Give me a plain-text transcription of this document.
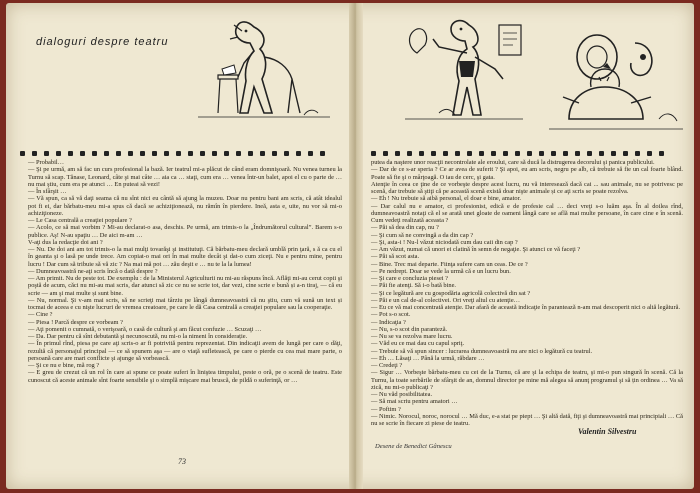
dialoguri despre teatru

— Probabil…

— Şi pe urmă, am să fac un curs profesional la bază. Ier teatrul mi-a plăcut de când eram domnişoară. Nu venea turneu la Turnu să scap. Tănase, Leonard, câte şi mai câte … aia ca … staţi, cum era … venea într-un balet, apoi el cu o parte de … nu mai ştiu, cum era pe atunci … En puteai să vezi!

— În sfârşit …

— Vă spun, ca să vă daţi seama că nu sînt nici eu cântă să ajung la muzeu. Doar nu pentru bani am scris, că atât idealul pot fi ei, dar bărbatu-meu mi-a spus că dacă se achiziţionează, nu rămîn în pierdere. Ineă, asta e, uite, nu vor să mi-o achiziţioneze.

— Le Casa centrală a creaţiei populare ?

— Acolo, ce să mai vorbim ? Mi-au declarat-o asa, deschis. Pe urmă, am trimis-o la „Îndrumătorul cultural”. Barem s-o publice. Aş! N-au spaţiu … De aici m-am …

V-aţi dus la redacţie doi ani ?

— Nu. De doi ani am tot trimis-o la mai mulţi tovarăşi şi institutuţi. Că bărbatu-meu declară umblă prin ţară, s ă ca cu el în geanta şi o lasă pe unde trece. Am copiat-o mai ori în mai multe decât şi dat-o cum ziceţi. Nu e pentru mine, pentru lucru ! Dar cum să tribuie să vă zic ? Na mai mă pot … zău deşit e … nu te la la lumea!

— Dumneavoastră ne-aţi scris încă o dată despre ?

— Am primit. Nu de peste tot. De exemplu : de la Ministerul Agriculturii nu mi-au răspuns încă. Aflăţi mi-au cerut copii şi poştă de acum, căci nu mi-au mai scris, dar atunci să zic ce nu se scrie tot, dar vezi, cine scrie e bună și a-n tiraj, — că eu scrie — am şi mai multe și sunt bine.

— Nu, normal. Şi v-am mai scris, să ne scrieţi mai târziu pe lângă dumneavoastră că nu ştiu, cum vă sună un text și tocmai de aceea e cu nişte lucruri de vremea creatoare, pe care le dă Casa centrală a creaţiei populare sau la cooperaţie.

— Cine ?

— Piesa ! Parcă despre ce vorbeam ?

— Aţi pomenit o cumnată, o verişoară, o casă de cultură şi am făcut confuzie … Scuzaţi …

— Da. Dar pentru că sînt debutantă şi necunoscută, nu mi-o la nimeni în considerație.

— În primul rînd, piesa pe care aţi scris-o ar fi potrivită pentru reprezentat. Din indicaţii avem de lungă per care o dăţi, rezultă că personajul principal — ce să spunem aşa — are o viaţă sufletească, pe care o pierde cu cea mai mare parte, o persoană care are mari conflicte şi ajunge să vorbească.

— Şi ce nu e bine, mă rog ?

— E greu de crezut că un rol în care ai spune ce poate suferi în liniştea timpului, peste o oră, pe o scenă de teatru. Este cunoscut că aceste animale sînt foarte sensibile şi o simplă mişcare mai bruscă, de pildă o suferinţă, or …

73

putea da naştere unor reacţii necontrolate ale eroului, care să ducă la distrugerea decorului şi panica publicului.

— Dar de ce s-ar speria ? Ce ar avea de suferit ? Şi apoi, eu am scris, negru pe alb, că trebuie să fie un cal foarte blând. Poate să fie şi o mârţoagă. O iau de cerc, şi gata.

Atenţie în ceea ce ţine de ce vorbeşte despre acest lucru, nu vă interesează dacă cai ... sau animale, nu se potrivesc pe scenă, dar trebuie să ştiţi că pe această scenă există doar nişte animale și ce aţi scris se poate rezolva.

— Eh ! Nu trebuie să aibă personal, el doar e bine, amator.

— Dar calul nu e amator, ci profesionist, edică e de profesie cal … deci vreţi s-o luăm aşa. În al doilea rînd, dumneavoastră notaţi că el se arată unei gloate de oameni lângă care se află mai multe persoane, în care cine e în scenă. Cum vedeţi realizată aceasta ?

— Păi să dea din cap, nu ?

— Şi cum să ne convingă a da din cap ?

— Şi, asta-i ! Nu-l văzut niciodată cum dau caii din cap ?

— Am văzut, numai că unori ei clatină în semn de negaţie. Şi atunci ce vă faceţi ?

— Păi să scot asta.

— Bine. Trec mai departe. Fiinţa sufere cam un ceas. De ce ?

— Pe nedrept. Doar se vede la urmă că e un lucru bun.

— Şi care e concluzia piesei ?

— Păi fie atenţi. Să i-o bată bine.

— Şi ce legătură are cu gospodăria agricolă colectivă din sat ?

— Păi e un cal de-al colectivei. Ori vreţi altul cu atenţie…

— Eu ce vă mai concentrată atenţie. Dar afară de această indicaţie în parantează n-am mai descoperit nici o altă legătură.

— Pot s-o scot.

— Indicaţia ?

— Nu, s-o scot din paranteză.

— Nu se va rezolva mare lucru.

— Văd eu ce mai dau cu capul spriţ.

— Trebuie să vă spun sincer : lucrarea dumneavoastră nu are nici o legătură cu teatrul.

— Eh … Lăsaţi … Până la urmă, răbdare …

— Credeţi ?

— Sigur … Vorbeşte bărbatu-meu cu cei de la Turnu, că are şi la echipa de teatru, şi mi-o pun singură în scenă. Că la Turnu, la toate serbările de sfârşit de an, domnul director pe mine mă alegea să anunţ programul şi să țin ordinea … Va să zică, nu mi-o publicaţi ?

— Nu văd posibilitatea.

— Să mai scriu pentru amatori …

— Poftim ?

— Nimic. Norocul, noroc, norocul … Mă duc, e-a stat pe piept … Şi altă dată, fiţi şi dumneavoastră mai principiali … Că nu se scrie în fiecare zi piese de teatru.

Valentin Silvestru
Desene de Benedict Gânescu
